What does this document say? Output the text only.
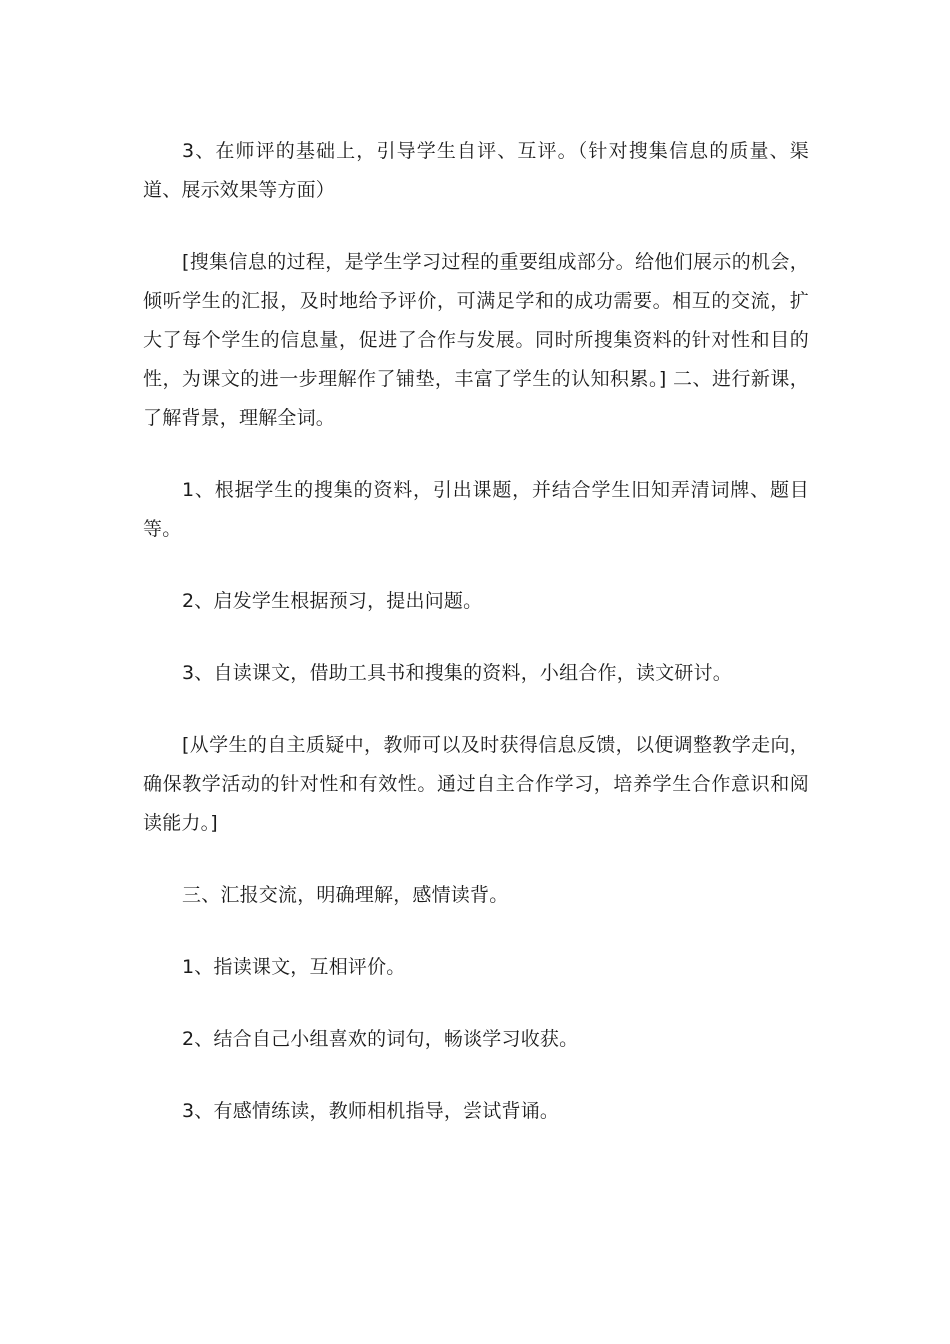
3、在师评的基础上，引导学生自评、互评。（针对搜集信息的质量、渠道、展示效果等方面）

[搜集信息的过程，是学生学习过程的重要组成部分。给他们展示的机会，倾听学生的汇报，及时地给予评价，可满足学和的成功需要。相互的交流，扩大了每个学生的信息量，促进了合作与发展。同时所搜集资料的针对性和目的性，为课文的进一步理解作了铺垫，丰富了学生的认知积累。] 二、进行新课，了解背景，理解全词。

1、根据学生的搜集的资料，引出课题，并结合学生旧知弄清词牌、题目等。

2、启发学生根据预习，提出问题。

3、自读课文，借助工具书和搜集的资料，小组合作，读文研讨。

[从学生的自主质疑中，教师可以及时获得信息反馈，以便调整教学走向，确保教学活动的针对性和有效性。通过自主合作学习，培养学生合作意识和阅读能力。]

三、汇报交流，明确理解，感情读背。

1、指读课文，互相评价。

2、结合自己小组喜欢的词句，畅谈学习收获。

3、有感情练读，教师相机指导，尝试背诵。
